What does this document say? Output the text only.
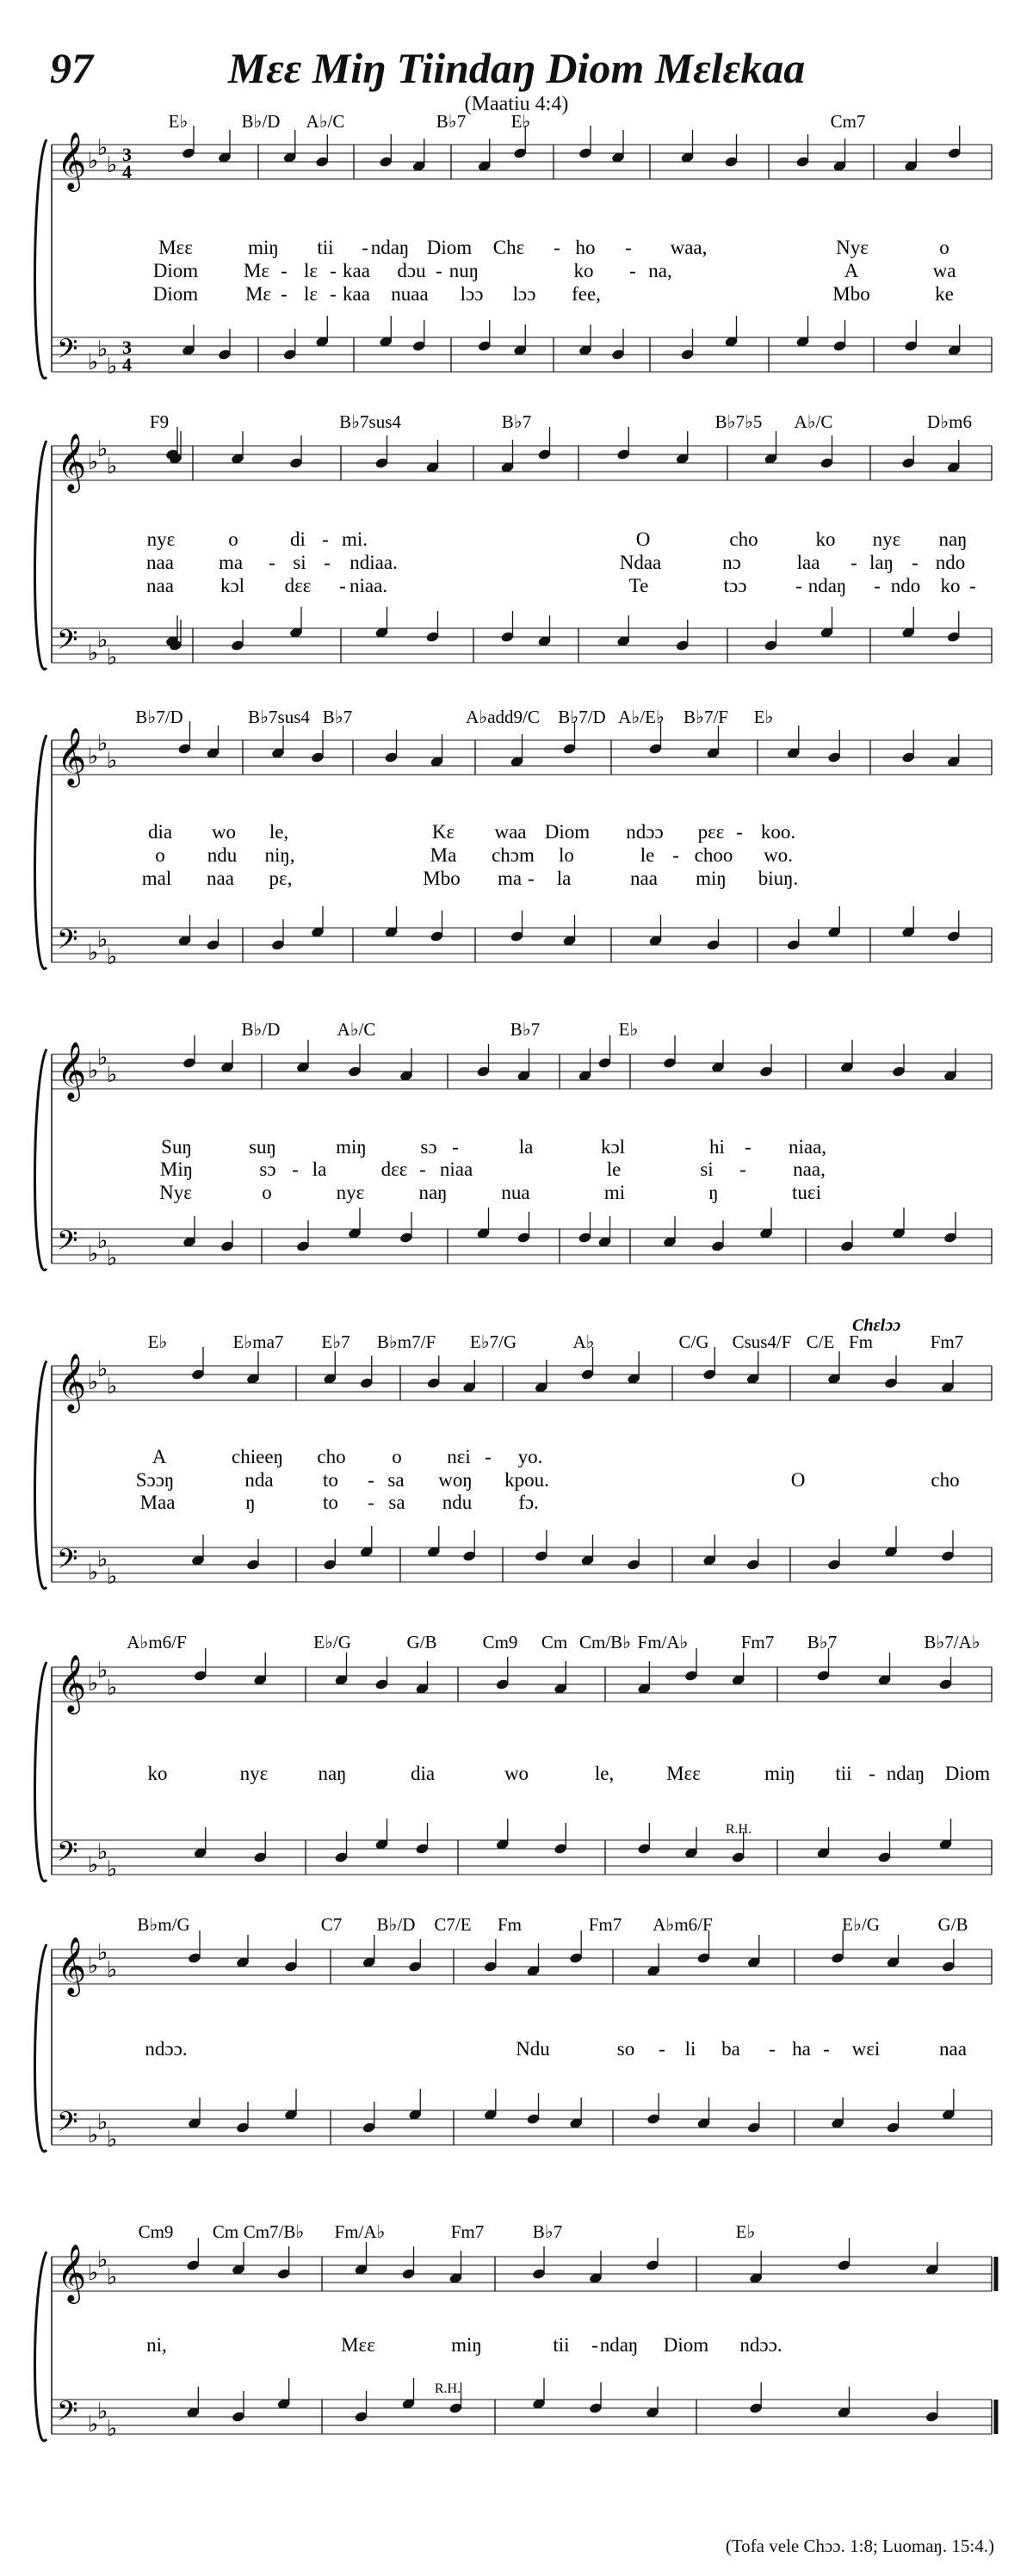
97	Mɛɛ Miŋ Tiindaŋ Diom Mɛlɛkaa
(Maatiu 4:4)
𝄞 ♭
♭
♭ 3
4
𝄢 ♭
♭
♭
3
4
E♭	B♭/D A♭/C	B♭7 E♭	Cm7
Mɛɛ	miŋ tii - ndaŋ Diom Chɛ - ho - waa,	Nyɛ	o
Diom Mɛ - lɛ - kaa dɔu - nuŋ	ko - na,	A	wa
Diom Mɛ - lɛ - kaa nuaa lɔɔ lɔɔ fee,	Mbo	ke
𝄞 ♭
♭
♭
𝄢 ♭
♭
♭
F9	B♭7sus4	B♭7	B♭7♭5 A♭/C	D♭m6
nyɛ	o	di - mi.	O	cho	ko nyɛ naŋ
naa ma - si - ndiaa.	Ndaa	nɔ	laa - laŋ - ndo
naa kɔl dɛɛ - niaa.	Te	tɔɔ - ndaŋ - ndo ko -
𝄞 ♭
♭
♭
𝄢 ♭
♭
♭
B♭7/D	B♭7sus4 B♭7	A♭add9/C B♭7/D A♭/E♭ B♭7/F E♭
dia wo le,	Kɛ waa Diom ndɔɔ pɛɛ - koo.
o ndu niŋ,	Ma chɔm lo	le - choo wo.
mal naa pɛ,	Mbo ma - la	naa miŋ biuŋ.
𝄞 ♭
♭
♭
𝄢 ♭
♭
♭
B♭/D	A♭/C	B♭7	E♭
Suŋ	suŋ	miŋ	sɔ -	la	kɔl	hi - niaa,
Miŋ	sɔ - la	dɛɛ - niaa	le	si - naa,
Nyɛ	o	nyɛ	naŋ	nua	mi	ŋ	tuɛi
𝄞 ♭
♭
♭
𝄢 ♭
♭
♭
E♭	E♭ma7 E♭7 B♭m7/F E♭7/G	A♭	C/G Csus4/F C/E Fm	Fm7
Chɛlɔɔ
A	chieeŋ cho o nɛi - yo.
Sɔɔŋ	nda to - sa woŋ kpou.	O	cho
Maa	ŋ	to - sa ndu fɔ.
𝄞 ♭
♭
♭
𝄢 ♭
♭
♭
A♭m6/F	E♭/G	G/B	Cm9 Cm Cm/B♭ Fm/A♭	Fm7 B♭7	B♭7/A♭
R.H.
ko	nyɛ	naŋ	dia	wo	le,	Mɛɛ	miŋ tii - ndaŋ Diom
𝄞 ♭
♭
♭
𝄢 ♭
♭
♭
B♭m/G	C7 B♭/D C7/E Fm	Fm7 A♭m6/F	E♭/G	G/B
ndɔɔ.	Ndu	so - li ba - ha - wɛi	naa
𝄞 ♭
♭
♭
𝄢 ♭
♭
♭
Cm9 Cm Cm7/B♭ Fm/A♭	Fm7	B♭7	E♭
R.H.
ni,	Mɛɛ	miŋ	tii - ndaŋ Diom ndɔɔ.
(Tofa vele Chɔɔ. 1:8; Luomaŋ. 15:4.)
